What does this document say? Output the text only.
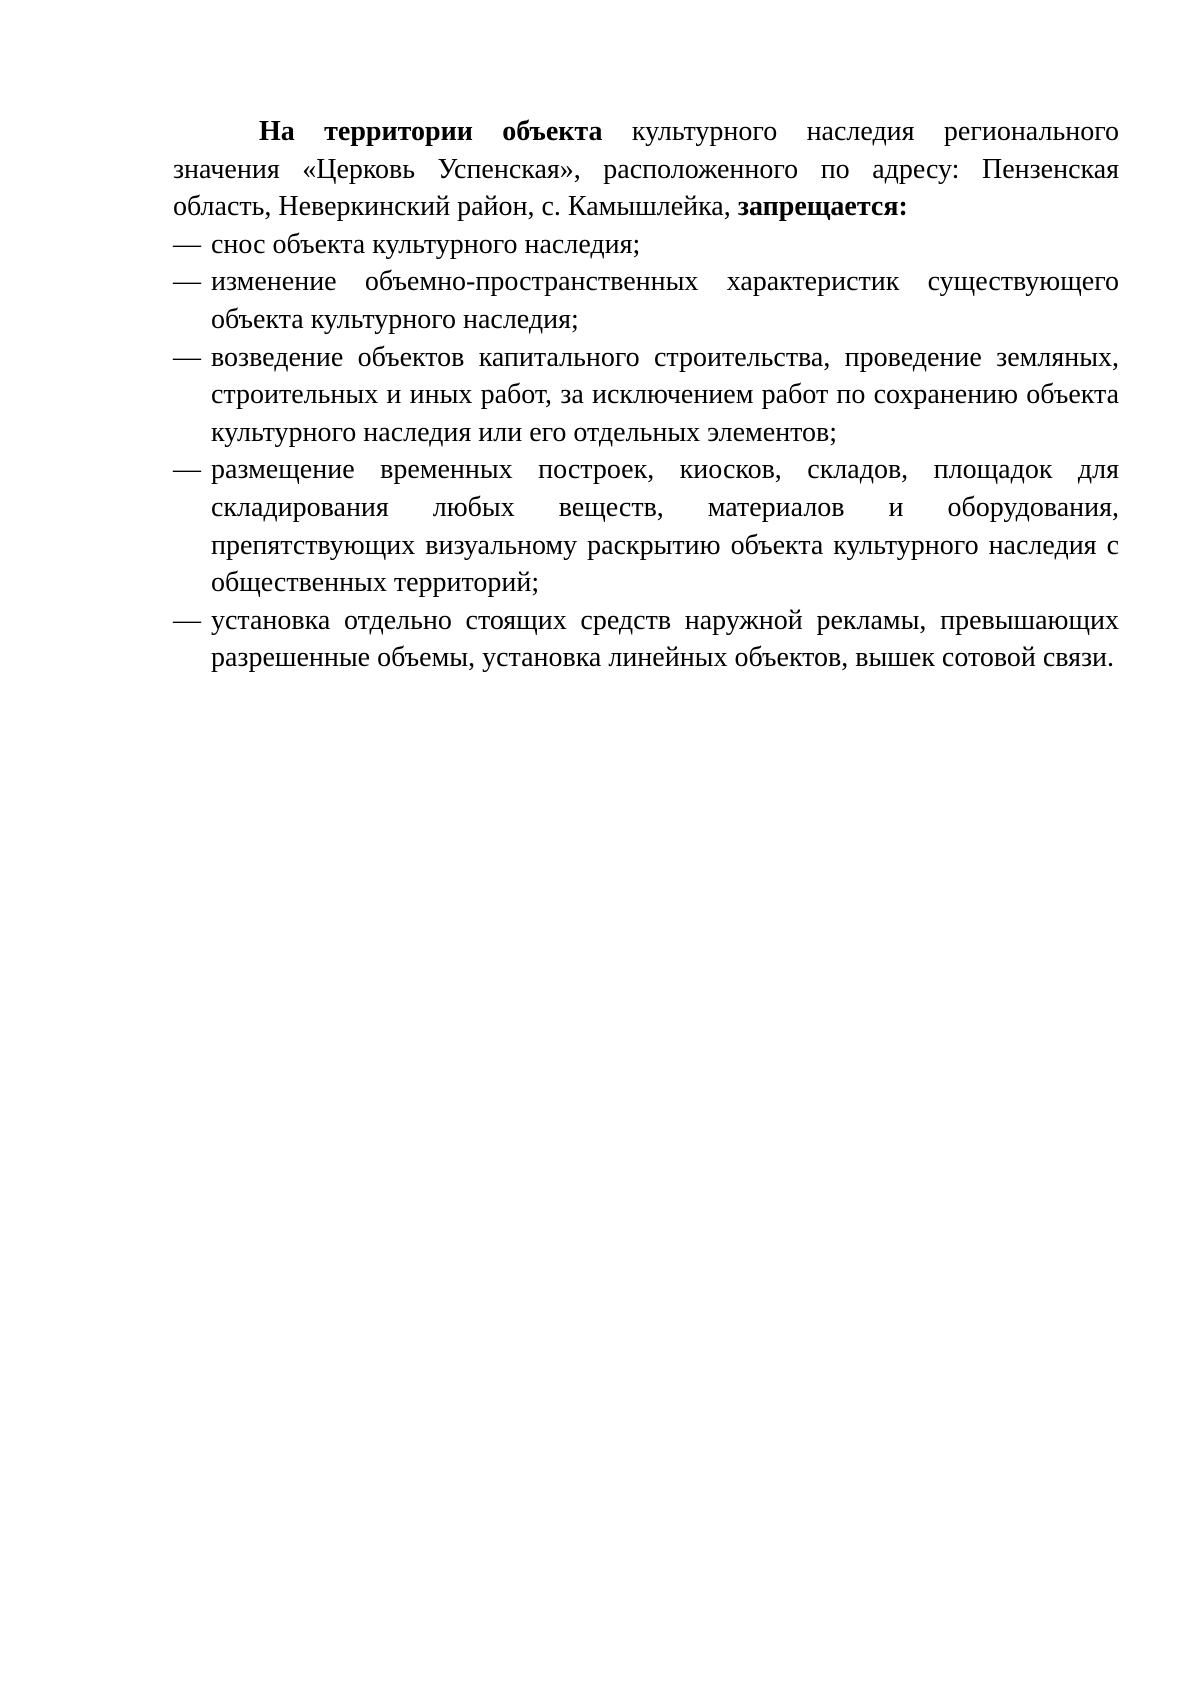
На территории объекта культурного наследия регионального значения «Церковь Успенская», расположенного по адресу: Пензенская область, Неверкинский район, с. Камышлейка, запрещается:

— снос объекта культурного наследия;
— изменение объемно-пространственных характеристик существующего объекта культурного наследия;
— возведение объектов капитального строительства, проведение земляных, строительных и иных работ, за исключением работ по сохранению объекта культурного наследия или его отдельных элементов;
— размещение временных построек, киосков, складов, площадок для складирования любых веществ, материалов и оборудования, препятствующих визуальному раскрытию объекта культурного наследия с общественных территорий;
— установка отдельно стоящих средств наружной рекламы, превышающих разрешенные объемы, установка линейных объектов, вышек сотовой связи.
